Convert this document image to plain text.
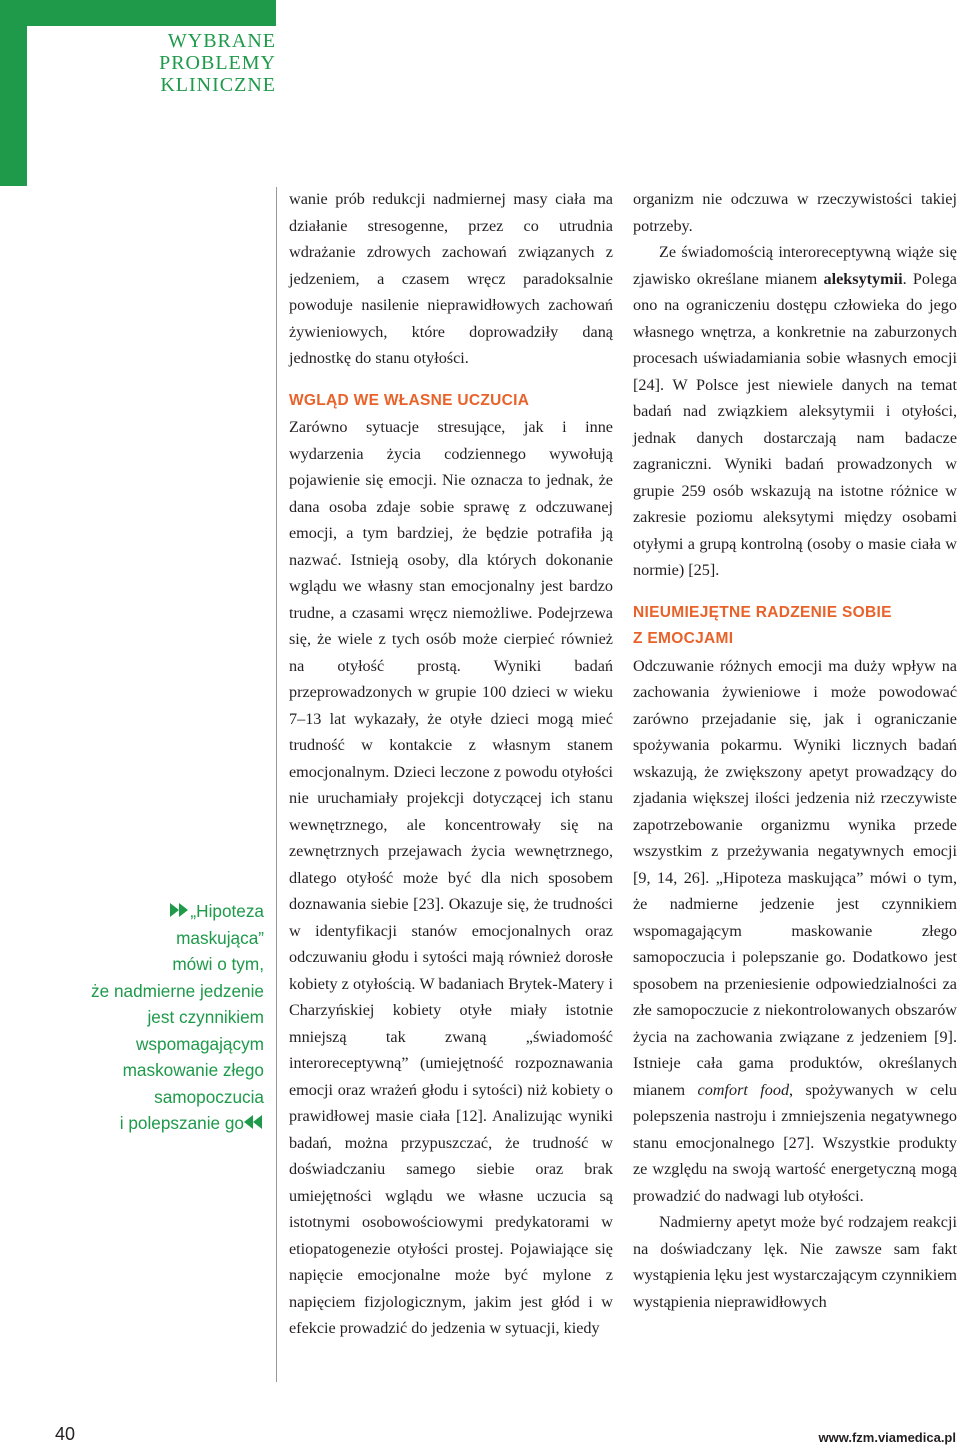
WYBRANE
PROBLEMY
KLINICZNE
„Hipoteza
maskująca”
mówi o tym,
że nadmierne jedzenie
jest czynnikiem
wspomagającym
maskowanie złego
samopoczucia
i polepszanie go

wanie prób redukcji nadmiernej masy ciała ma działanie stresogenne, przez co utrudnia wdrażanie zdrowych zachowań związanych z jedzeniem, a czasem wręcz paradoksalnie powoduje nasilenie nieprawidłowych zachowań żywieniowych, które doprowadziły daną jednostkę do stanu otyłości.

WGLĄD WE WŁASNE UCZUCIA

Zarówno sytuacje stresujące, jak i inne wydarzenia życia codziennego wywołują pojawienie się emocji. Nie oznacza to jednak, że dana osoba zdaje sobie sprawę z odczuwanej emocji, a tym bardziej, że będzie potrafiła ją nazwać. Istnieją osoby, dla których dokonanie wglądu we własny stan emocjonalny jest bardzo trudne, a czasami wręcz niemożliwe. Podejrzewa się, że wiele z tych osób może cierpieć również na otyłość prostą. Wyniki badań przeprowadzonych w grupie 100 dzieci w wieku 7–13 lat wykazały, że otyłe dzieci mogą mieć trudność w kontakcie z własnym stanem emocjonalnym. Dzieci leczone z powodu otyłości nie uruchamiały projekcji dotyczącej ich stanu wewnętrznego, ale koncentrowały się na zewnętrznych przejawach życia wewnętrznego, dlatego otyłość może być dla nich sposobem doznawania siebie [23]. Okazuje się, że trudności w identyfikacji stanów emocjonalnych oraz odczuwaniu głodu i sytości mają również dorosłe kobiety z otyłością. W badaniach Brytek-Matery i Charzyńskiej kobiety otyłe miały istotnie mniejszą tak zwaną „świadomość interoreceptywną” (umiejętność rozpoznawania emocji oraz wrażeń głodu i sytości) niż kobiety o prawidłowej masie ciała [12]. Analizując wyniki badań, można przypuszczać, że trudność w doświadczaniu samego siebie oraz brak umiejętności wglądu we własne uczucia są istotnymi osobowościowymi predykatorami w etiopatogenezie otyłości prostej. Pojawiające się napięcie emocjonalne może być mylone z napięciem fizjologicznym, jakim jest głód i w efekcie prowadzić do jedzenia w sytuacji, kiedy

organizm nie odczuwa w rzeczywistości takiej potrzeby.

Ze świadomością interoreceptywną wiąże się zjawisko określane mianem aleksytymii. Polega ono na ograniczeniu dostępu człowieka do jego własnego wnętrza, a konkretnie na zaburzonych procesach uświadamiania sobie własnych emocji [24]. W Polsce jest niewiele danych na temat badań nad związkiem aleksytymii i otyłości, jednak danych dostarczają nam badacze zagraniczni. Wyniki badań prowadzonych w grupie 259 osób wskazują na istotne różnice w zakresie poziomu aleksytymi między osobami otyłymi a grupą kontrolną (osoby o masie ciała w normie) [25].

NIEUMIEJĘTNE RADZENIE SOBIE
Z EMOCJAMI

Odczuwanie różnych emocji ma duży wpływ na zachowania żywieniowe i może powodować zarówno przejadanie się, jak i ograniczanie spożywania pokarmu. Wyniki licznych badań wskazują, że zwiększony apetyt prowadzący do zjadania większej ilości jedzenia niż rzeczywiste zapotrzebowanie organizmu wynika przede wszystkim z przeżywania negatywnych emocji [9, 14, 26]. „Hipoteza maskująca” mówi o tym, że nadmierne jedzenie jest czynnikiem wspomagającym maskowanie złego samopoczucia i polepszanie go. Dodatkowo jest sposobem na przeniesienie odpowiedzialności za złe samopoczucie z niekontrolowanych obszarów życia na zachowania związane z jedzeniem [9]. Istnieje cała gama produktów, określanych mianem comfort food, spożywanych w celu polepszenia nastroju i zmniejszenia negatywnego stanu emocjonalnego [27]. Wszystkie produkty ze względu na swoją wartość energetyczną mogą prowadzić do nadwagi lub otyłości.

Nadmierny apetyt może być rodzajem reakcji na doświadczany lęk. Nie zawsze sam fakt wystąpienia lęku jest wystarczającym czynnikiem wystąpienia nieprawidłowych

40	www.fzm.viamedica.pl
